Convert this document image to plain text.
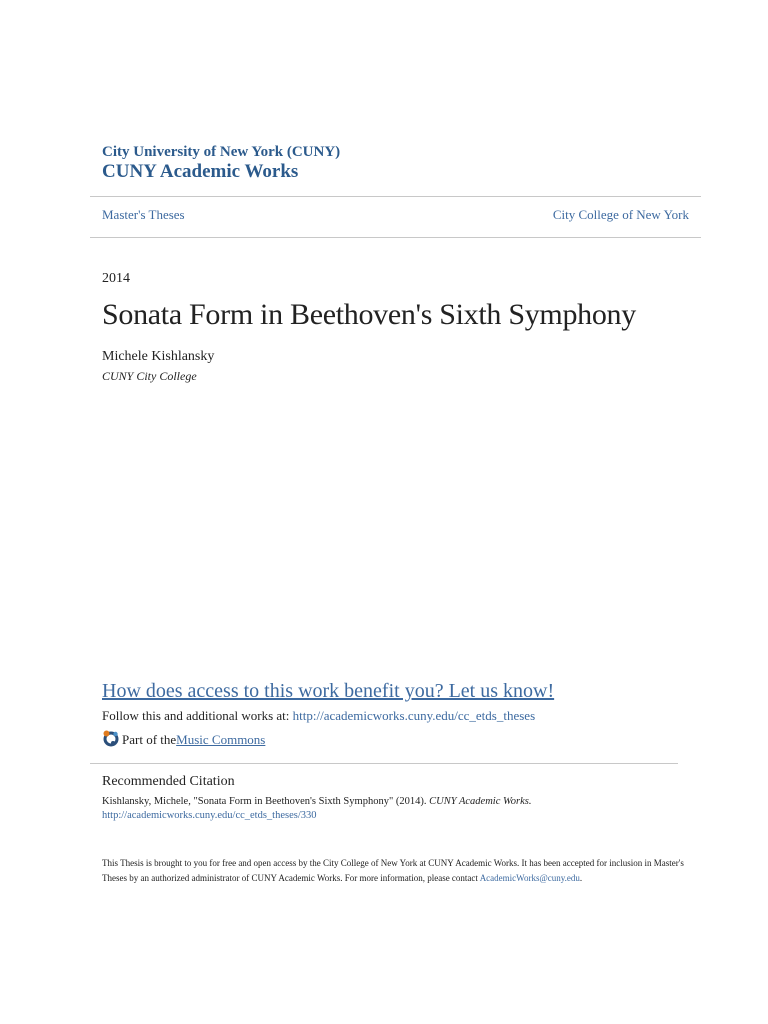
City University of New York (CUNY)
CUNY Academic Works
Master's Theses	City College of New York
2014
Sonata Form in Beethoven's Sixth Symphony
Michele Kishlansky
CUNY City College
How does access to this work benefit you? Let us know!
Follow this and additional works at: http://academicworks.cuny.edu/cc_etds_theses
Part of the Music Commons
Recommended Citation
Kishlansky, Michele, "Sonata Form in Beethoven's Sixth Symphony" (2014). CUNY Academic Works.
http://academicworks.cuny.edu/cc_etds_theses/330
This Thesis is brought to you for free and open access by the City College of New York at CUNY Academic Works. It has been accepted for inclusion in Master's Theses by an authorized administrator of CUNY Academic Works. For more information, please contact AcademicWorks@cuny.edu.
